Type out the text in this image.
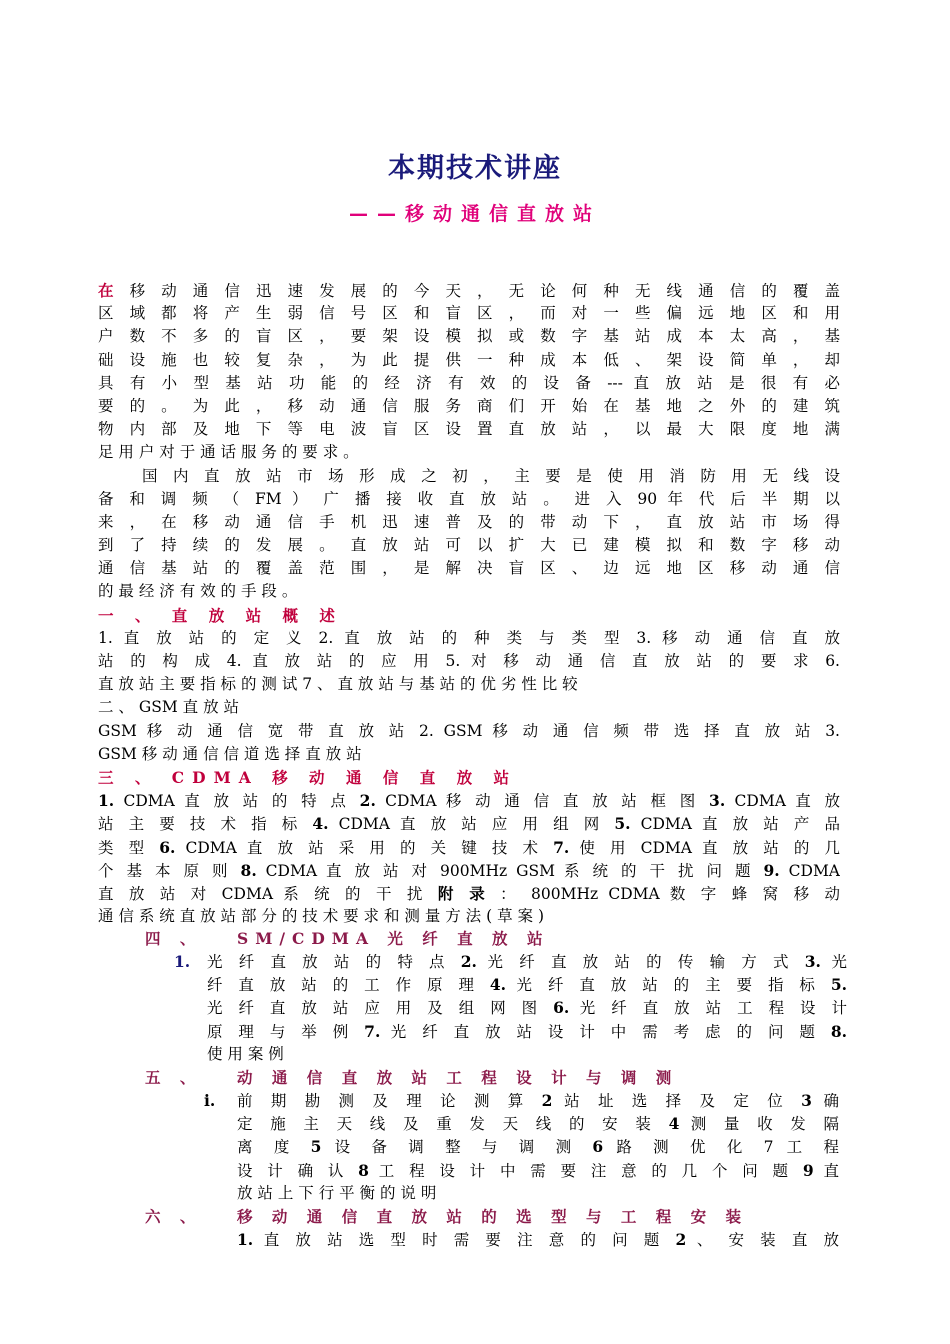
本期技术讲座
——移动通信直放站
在 移 动 通 信 迅 速 发 展 的 今 天 ， 无 论 何 种 无 线 通 信 的 覆 盖
区 域 都 将 产 生 弱 信 号 区 和 盲 区 ， 而 对 一 些 偏 远 地 区 和 用
户 数 不 多 的 盲 区 ， 要 架 设 模 拟 或 数 字 基 站 成 本 太 高 ， 基
础 设 施 也 较 复 杂 ， 为 此 提 供 一 种 成 本 低 、 架 设 简 单 ， 却
具 有 小 型 基 站 功 能 的 经 济 有 效 的 设 备 --- 直 放 站 是 很 有 必
要 的 。 为 此 ， 移 动 通 信 服 务 商 们 开 始 在 基 地 之 外 的 建 筑
物 内 部 及 地 下 等 电 波 盲 区 设 置 直 放 站 ， 以 最 大 限 度 地 满
足 用 户 对 于 通 话 服 务 的 要 求 。
国 内 直 放 站 市 场 形 成 之 初 ， 主 要 是 使 用 消 防 用 无 线 设
备 和 调 频 （ FM ） 广 播 接 收 直 放 站 。 进 入 90 年 代 后 半 期 以
来 ， 在 移 动 通 信 手 机 迅 速 普 及 的 带 动 下 ， 直 放 站 市 场 得
到 了 持 续 的 发 展 。 直 放 站 可 以 扩 大 已 建 模 拟 和 数 字 移 动
通 信 基 站 的 覆 盖 范 围 ， 是 解 决 盲 区 、 边 远 地 区 移 动 通 信
的 最 经 济 有 效 的 手 段 。
一 、 直 放 站 概 述
1. 直 放 站 的 定 义 2. 直 放 站 的 种 类 与 类 型 3. 移 动 通 信 直 放
站 的 构 成 4. 直 放 站 的 应 用 5. 对 移 动 通 信 直 放 站 的 要 求 6.
直 放 站 主 要 指 标 的 测 试 7 、 直 放 站 与 基 站 的 优 劣 性 比 较
二 、 GSM 直 放 站
GSM 移 动 通 信 宽 带 直 放 站 2. GSM 移 动 通 信 频 带 选 择 直 放 站 3.
GSM 移 动 通 信 信 道 选 择 直 放 站
三 、 CDMA 移 动 通 信 直 放 站
1. CDMA 直 放 站 的 特 点 2. CDMA 移 动 通 信 直 放 站 框 图 3. CDMA 直 放
站 主 要 技 术 指 标 4. CDMA 直 放 站 应 用 组 网 5. CDMA 直 放 站 产 品
类 型 6. CDMA 直 放 站 采 用 的 关 键 技 术 7. 使 用 CDMA 直 放 站 的 几
个 基 本 原 则 8. CDMA 直 放 站 对 900MHz GSM 系 统 的 干 扰 问 题 9. CDMA
直 放 站 对 CDMA 系 统 的 干 扰 附 录 ： 800MHz CDMA 数 字 蜂 窝 移 动
通 信 系 统 直 放 站 部 分 的 技 术 要 求 和 测 量 方 法 ( 草 案 )
四 、 SM/CDMA 光 纤 直 放 站
1. 光 纤 直 放 站 的 特 点 2. 光 纤 直 放 站 的 传 输 方 式 3. 光
纤 直 放 站 的 工 作 原 理 4. 光 纤 直 放 站 的 主 要 指 标 5.
光 纤 直 放 站 应 用 及 组 网 图 6. 光 纤 直 放 站 工 程 设 计
原 理 与 举 例 7. 光 纤 直 放 站 设 计 中 需 考 虑 的 问 题 8.
使 用 案 例
五 、 动 通 信 直 放 站 工 程 设 计 与 调 测
i. 前 期 勘 测 及 理 论 测 算 2 站 址 选 择 及 定 位 3 确
定 施 主 天 线 及 重 发 天 线 的 安 装 4 测 量 收 发 隔
离 度 5 设 备 调 整 与 调 测 6 路 测 优 化 7 工 程
设 计 确 认 8 工 程 设 计 中 需 要 注 意 的 几 个 问 题 9 直
放 站 上 下 行 平 衡 的 说 明
六 、 移 动 通 信 直 放 站 的 选 型 与 工 程 安 装
1. 直 放 站 选 型 时 需 要 注 意 的 问 题 2 、 安 装 直 放
